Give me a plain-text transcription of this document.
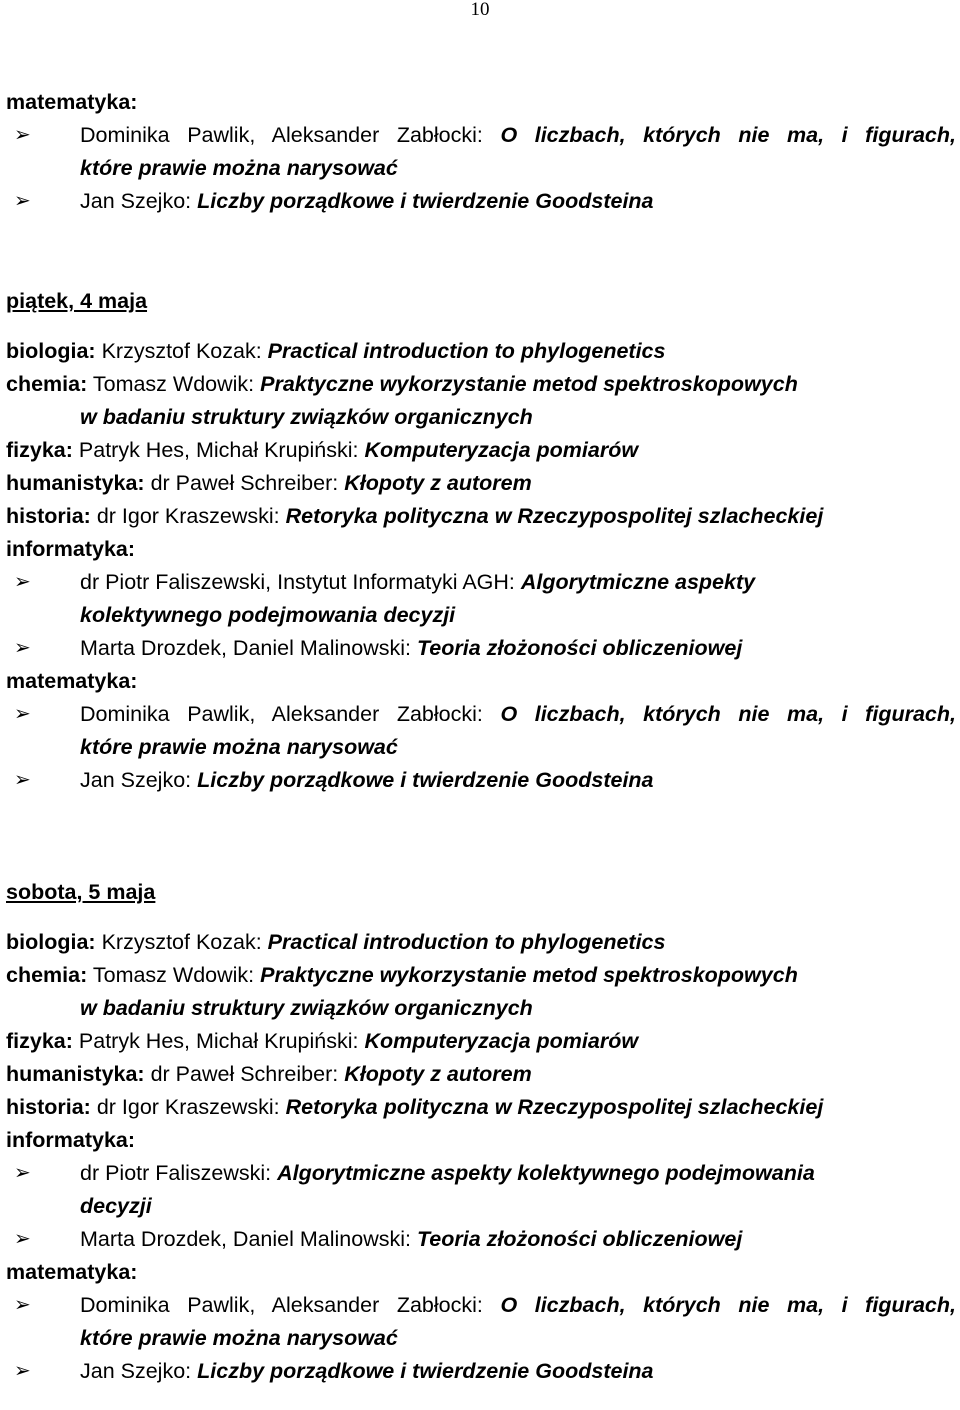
10
matematyka:
➢	Dominika Pawlik, Aleksander Zabłocki: O liczbach, których nie ma, i figurach,
które prawie można narysować
➢	Jan Szejko: Liczby porządkowe i twierdzenie Goodsteina
piątek, 4 maja
biologia: Krzysztof Kozak: Practical introduction to phylogenetics
chemia: Tomasz Wdowik: Praktyczne wykorzystanie metod spektroskopowych
w badaniu struktury związków organicznych
fizyka: Patryk Hes, Michał Krupiński: Komputeryzacja pomiarów
humanistyka: dr Paweł Schreiber: Kłopoty z autorem
historia: dr Igor Kraszewski: Retoryka polityczna w Rzeczypospolitej szlacheckiej
informatyka:
➢	dr Piotr Faliszewski, Instytut Informatyki AGH: Algorytmiczne aspekty
kolektywnego podejmowania decyzji
➢	Marta Drozdek, Daniel Malinowski: Teoria złożoności obliczeniowej
matematyka:
➢	Dominika Pawlik, Aleksander Zabłocki: O liczbach, których nie ma, i figurach,
które prawie można narysować
➢	Jan Szejko: Liczby porządkowe i twierdzenie Goodsteina
sobota, 5 maja
biologia: Krzysztof Kozak: Practical introduction to phylogenetics
chemia: Tomasz Wdowik: Praktyczne wykorzystanie metod spektroskopowych
w badaniu struktury związków organicznych
fizyka: Patryk Hes, Michał Krupiński: Komputeryzacja pomiarów
humanistyka: dr Paweł Schreiber: Kłopoty z autorem
historia: dr Igor Kraszewski: Retoryka polityczna w Rzeczypospolitej szlacheckiej
informatyka:
➢	dr Piotr Faliszewski: Algorytmiczne aspekty kolektywnego podejmowania
decyzji
➢	Marta Drozdek, Daniel Malinowski: Teoria złożoności obliczeniowej
matematyka:
➢	Dominika Pawlik, Aleksander Zabłocki: O liczbach, których nie ma, i figurach,
które prawie można narysować
➢	Jan Szejko: Liczby porządkowe i twierdzenie Goodsteina
